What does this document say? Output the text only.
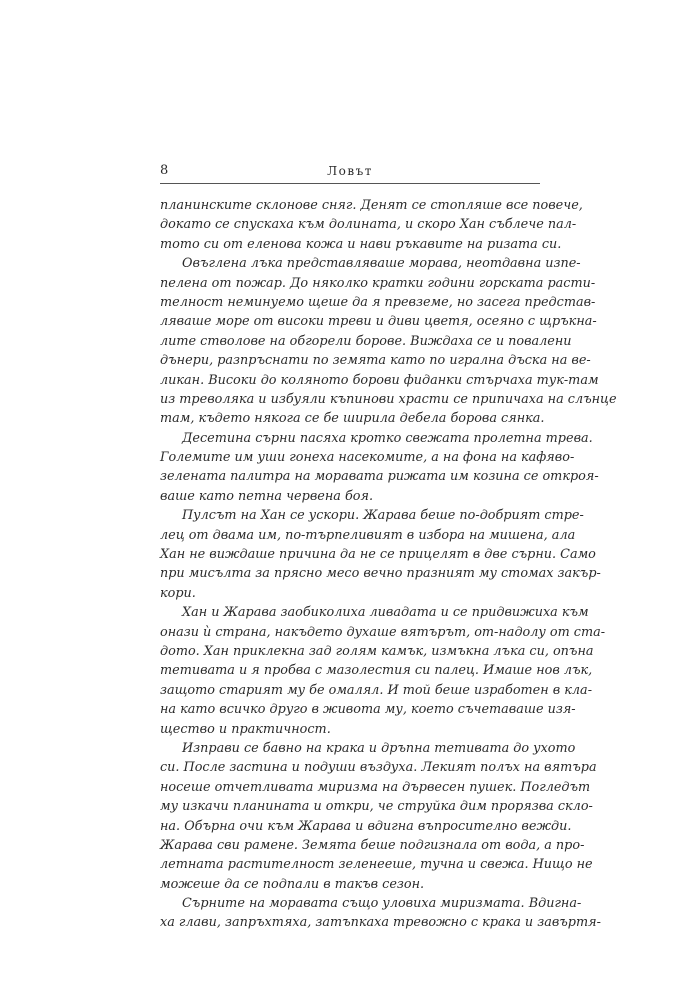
8	Ловът
планинските склонове сняг. Денят се стопляше все повече,
докато се спускаха към долината, и скоро Хан съблече пал-
тото си от еленова кожа и нави ръкавите на ризата си.
Овъглена лъка представляваше морава, неотдавна изпе-
пелена от пожар. До няколко кратки години горската расти-
телност неминуемо щеше да я превземе, но засега представ-
ляваше море от високи треви и диви цветя, осеяно с щръкна-
лите стволове на обгорели борове. Виждаха се и повалени
дънери, разпръснати по земята като по игрална дъска на ве-
ликан. Високи до коляното борови фиданки стърчаха тук-там
из треволяка и избуяли къпинови храсти се припичаха на слънце
там, където някога се бе ширила дебела борова сянка.
Десетина сърни пасяха кротко свежата пролетна трева.
Големите им уши гонеха насекомите, а на фона на кафяво-
зелената палитра на моравата рижата им козина се открoя-
ваше като петна червена боя.
Пулсът на Хан се ускори. Жарава беше по-добрият стре-
лец от двама им, по-търпеливият в избора на мишена, ала
Хан не виждаше причина да не се прицелят в две сърни. Само
при мисълта за прясно месо вечно празният му стомах закър-
кори.
Хан и Жарава заобиколиха ливадата и се придвижиха към
онази ѝ страна, накъдето духаше вятърът, от-надолу от ста-
дото. Хан приклекна зад голям камък, измъкна лъка си, опъна
тетивата и я пробва с мазолестия си палец. Имаше нов лък,
защото старият му бе омалял. И той беше изработен в кла-
на като всичко друго в живота му, което съчетаваше изя-
щество и практичност.
Изправи се бавно на крака и дръпна тетивата до ухото
си. После застина и подуши въздуха. Лекият полъх на вятъра
носеше отчетливата миризма на дървесен пушек. Погледът
му изкачи планината и откри, че струйка дим прорязва скло-
на. Обърна очи към Жарава и вдигна въпросително вежди.
Жарава сви рамене. Земята беше подгизнала от вода, а про-
летната растителност зеленееше, тучна и свежа. Нищо не
можеше да се подпали в такъв сезон.
Сърните на моравата също уловиха миризмата. Вдигна-
ха глави, запръхтяха, затъпкаха тревожно с крака и завъртя-
